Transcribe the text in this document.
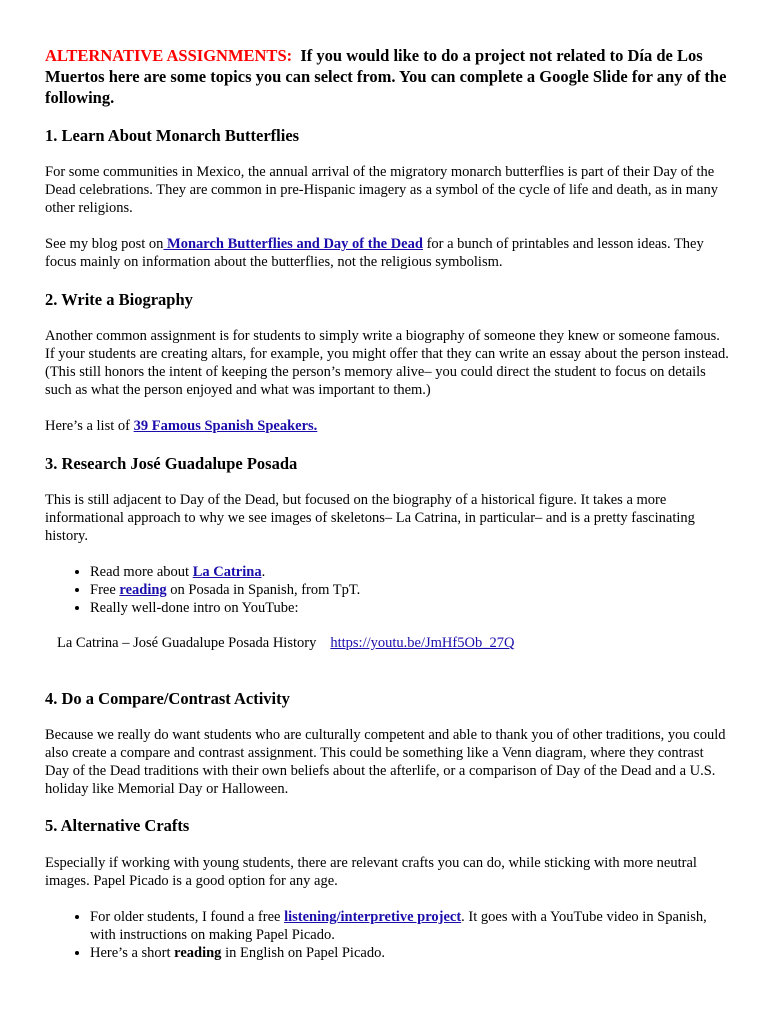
ALTERNATIVE ASSIGNMENTS: If you would like to do a project not related to Día de Los Muertos here are some topics you can select from. You can complete a Google Slide for any of the following.
1. Learn About Monarch Butterflies
For some communities in Mexico, the annual arrival of the migratory monarch butterflies is part of their Day of the Dead celebrations. They are common in pre-Hispanic imagery as a symbol of the cycle of life and death, as in many other religions.
See my blog post on Monarch Butterflies and Day of the Dead for a bunch of printables and lesson ideas. They focus mainly on information about the butterflies, not the religious symbolism.
2. Write a Biography
Another common assignment is for students to simply write a biography of someone they knew or someone famous. If your students are creating altars, for example, you might offer that they can write an essay about the person instead. (This still honors the intent of keeping the person’s memory alive– you could direct the student to focus on details such as what the person enjoyed and what was important to them.)
Here’s a list of 39 Famous Spanish Speakers.
3. Research José Guadalupe Posada
This is still adjacent to Day of the Dead, but focused on the biography of a historical figure. It takes a more informational approach to why we see images of skeletons– La Catrina, in particular– and is a pretty fascinating history.
• Read more about La Catrina.
• Free reading on Posada in Spanish, from TpT.
• Really well-done intro on YouTube:
La Catrina – José Guadalupe Posada History https://youtu.be/JmHf5Ob_27Q
4. Do a Compare/Contrast Activity
Because we really do want students who are culturally competent and able to thank you of other traditions, you could also create a compare and contrast assignment. This could be something like a Venn diagram, where they contrast Day of the Dead traditions with their own beliefs about the afterlife, or a comparison of Day of the Dead and a U.S. holiday like Memorial Day or Halloween.
5. Alternative Crafts
Especially if working with young students, there are relevant crafts you can do, while sticking with more neutral images. Papel Picado is a good option for any age.
• For older students, I found a free listening/interpretive project. It goes with a YouTube video in Spanish, with instructions on making Papel Picado.
• Here’s a short reading in English on Papel Picado.
